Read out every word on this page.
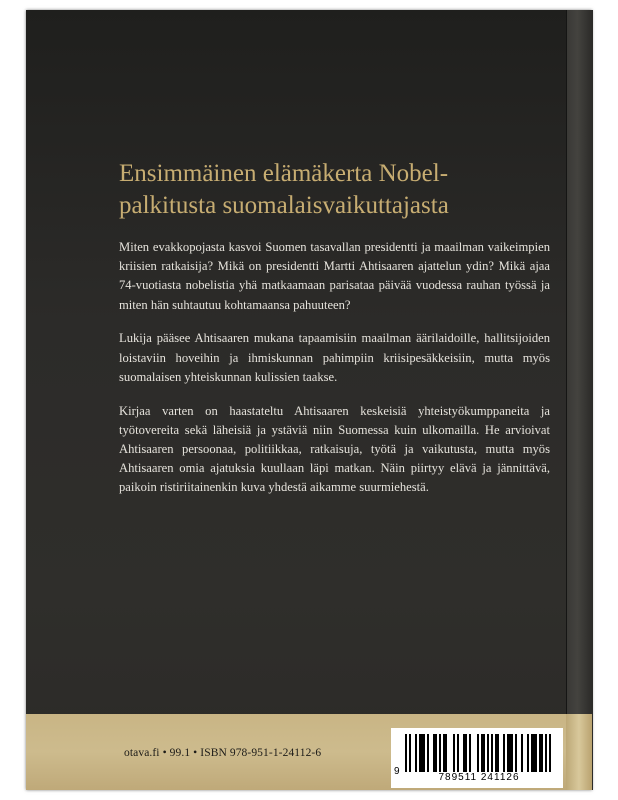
Ensimmäinen elämäkerta Nobel-
palkitusta suomalaisvaikuttajasta

Miten evakkopojasta kasvoi Suomen tasavallan presidentti ja maailman vaikeimpien kriisien ratkaisija? Mikä on presidentti Martti Ahtisaaren ajattelun ydin? Mikä ajaa 74-vuotiasta nobelistia yhä matkaamaan parisataa päivää vuodessa rauhan työssä ja miten hän suhtautuu kohtamaansa pahuuteen?

Lukija pääsee Ahtisaaren mukana tapaamisiin maailman äärilaidoille, hallitsijoiden loistaviin hoveihin ja ihmiskunnan pahimpiin kriisipesäkkeisiin, mutta myös suomalaisen yhteiskunnan kulissien taakse.

Kirjaa varten on haastateltu Ahtisaaren keskeisiä yhteistyökumppaneita ja työtovereita sekä läheisiä ja ystäviä niin Suomessa kuin ulkomailla. He arvioivat Ahtisaaren persoonaa, politiikkaa, ratkaisuja, työtä ja vaikutusta, mutta myös Ahtisaaren omia ajatuksia kuullaan läpi matkan. Näin piirtyy elävä ja jännittävä, paikoin ristiriitainenkin kuva yhdestä aikamme suurmiehestä.

otava.fi • 99.1 • ISBN 978-951-1-24112-6
9
789511 241126
